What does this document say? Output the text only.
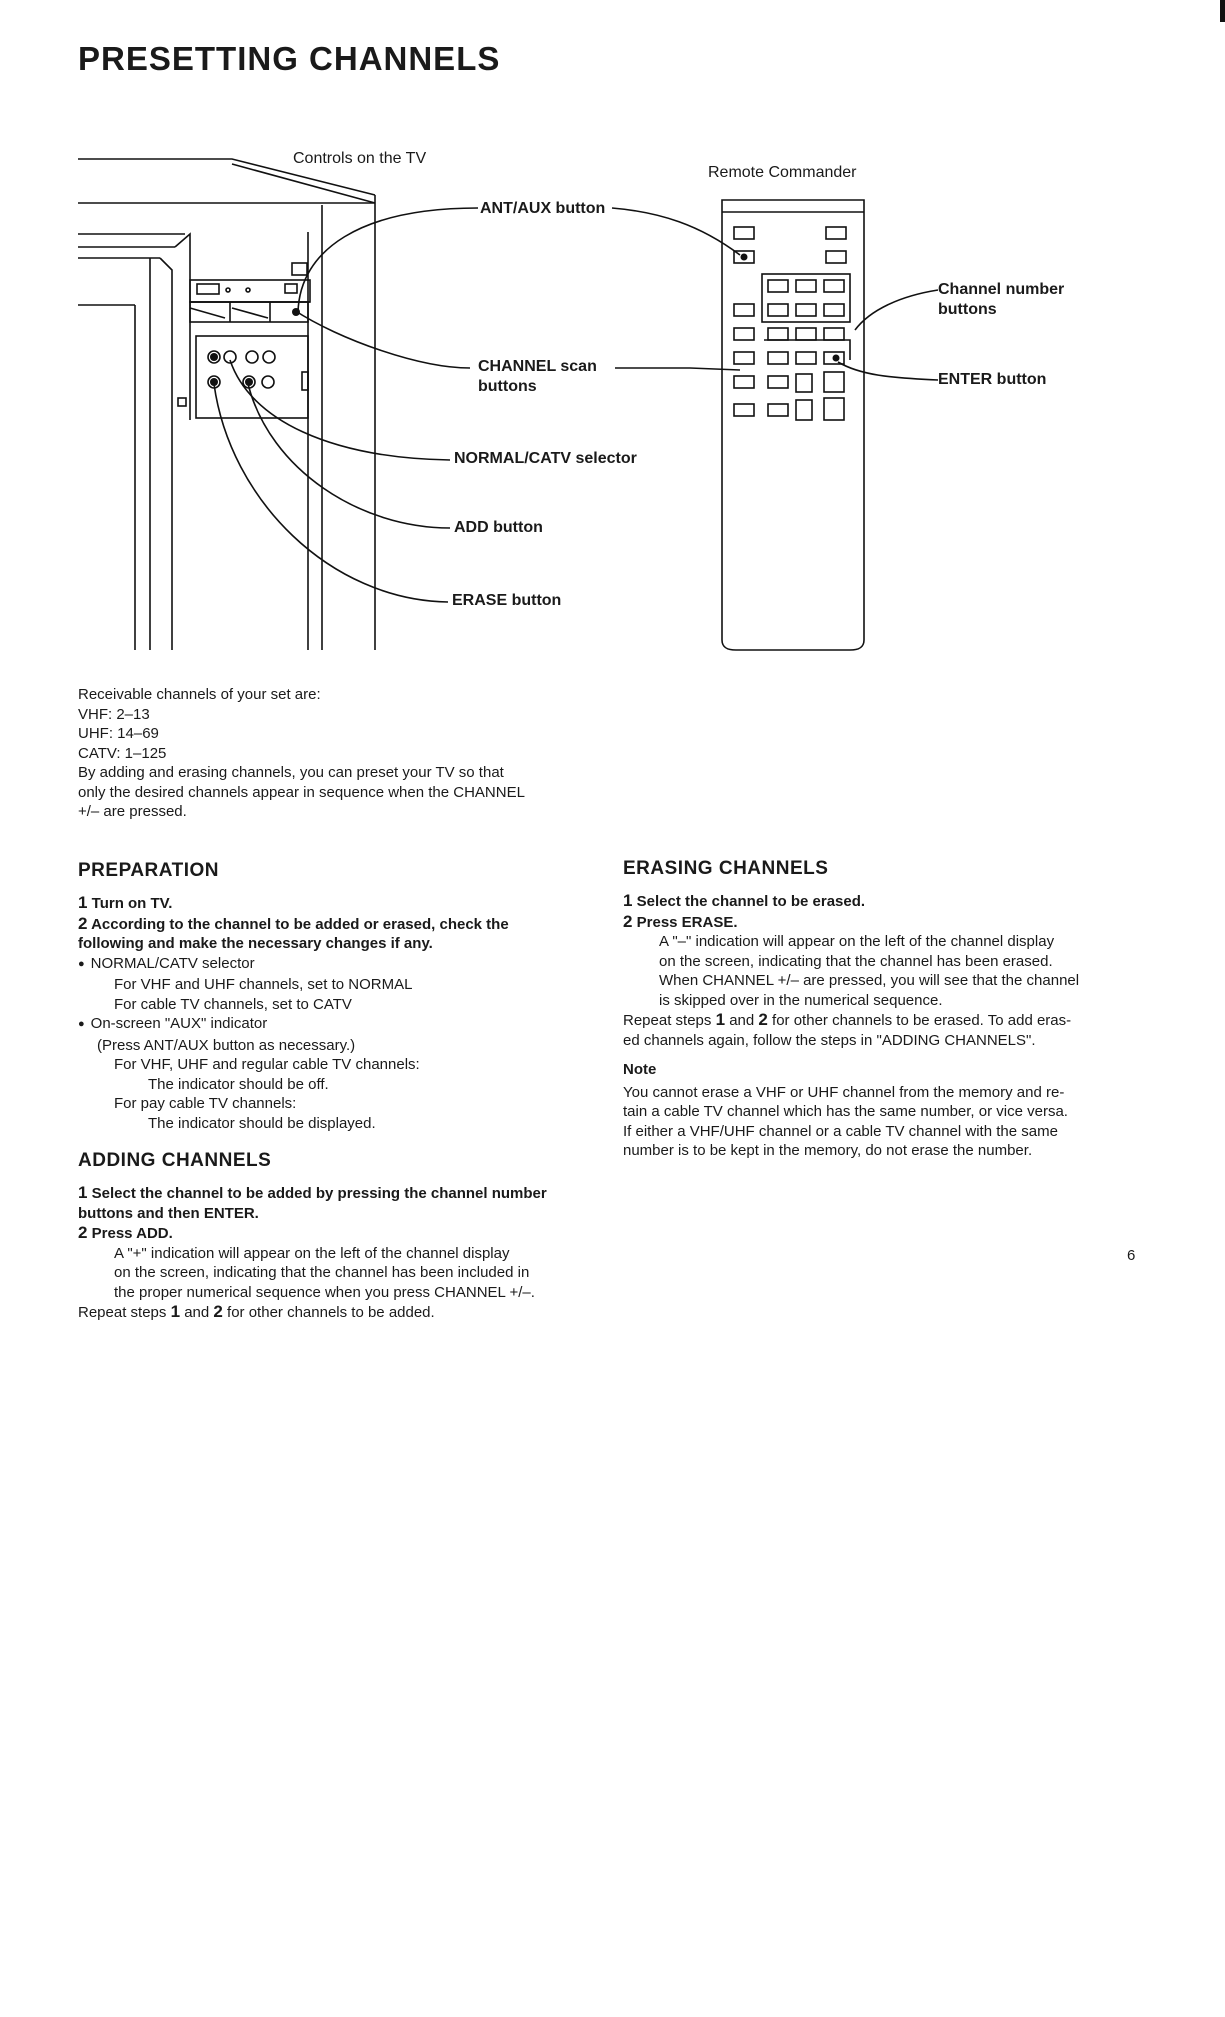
PRESETTING CHANNELS
Controls on the TV
Remote Commander
ANT/AUX button
CHANNEL scan
buttons
NORMAL/CATV selector
ADD button
ERASE button
Channel number
buttons
ENTER button
Receivable channels of your set are:
VHF: 2–13
UHF: 14–69
CATV: 1–125
By adding and erasing channels, you can preset your TV so that
only the desired channels appear in sequence when the CHANNEL
+/– are pressed.
PREPARATION
1 Turn on TV.
2 According to the channel to be added or erased, check the
following and make the necessary changes if any.
● NORMAL/CATV selector
For VHF and UHF channels, set to NORMAL
For cable TV channels, set to CATV
● On-screen "AUX" indicator
(Press ANT/AUX button as necessary.)
For VHF, UHF and regular cable TV channels:
The indicator should be off.
For pay cable TV channels:
The indicator should be displayed.
ADDING CHANNELS
1 Select the channel to be added by pressing the channel number
buttons and then ENTER.
2 Press ADD.
A "+" indication will appear on the left of the channel display
on the screen, indicating that the channel has been included in
the proper numerical sequence when you press CHANNEL +/–.
Repeat steps 1 and 2 for other channels to be added.
ERASING CHANNELS
1 Select the channel to be erased.
2 Press ERASE.
A "–" indication will appear on the left of the channel display
on the screen, indicating that the channel has been erased.
When CHANNEL +/– are pressed, you will see that the channel
is skipped over in the numerical sequence.
Repeat steps 1 and 2 for other channels to be erased. To add eras-
ed channels again, follow the steps in "ADDING CHANNELS".
Note
You cannot erase a VHF or UHF channel from the memory and re-
tain a cable TV channel which has the same number, or vice versa.
If either a VHF/UHF channel or a cable TV channel with the same
number is to be kept in the memory, do not erase the number.
6
